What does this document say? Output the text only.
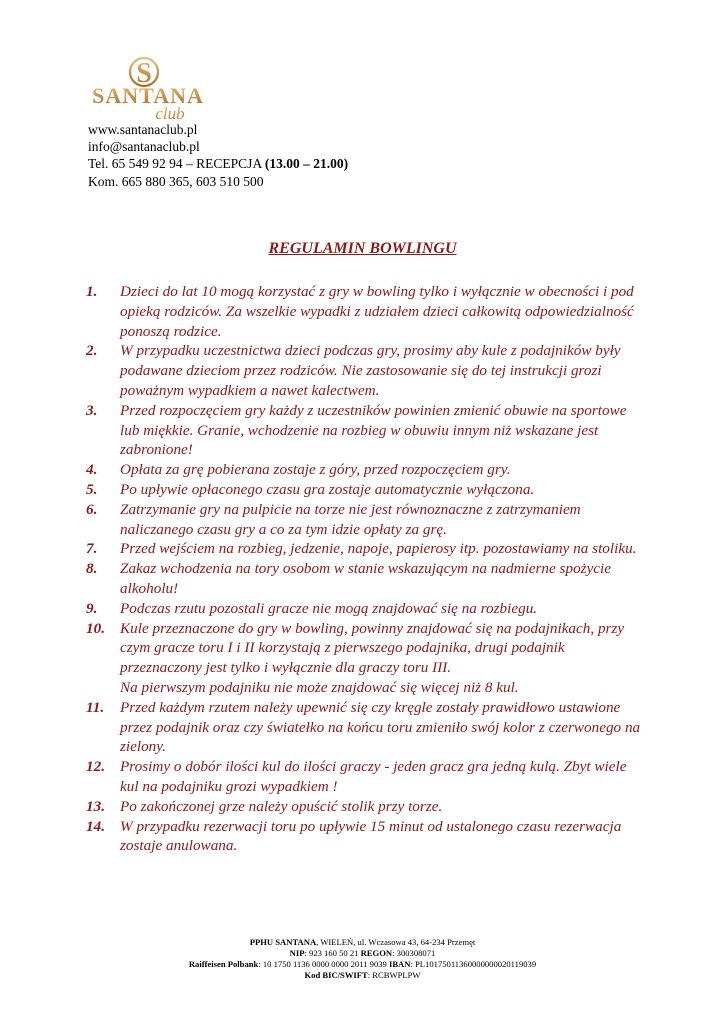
S
SANTANA
club
www.santanaclub.pl
info@santanaclub.pl
Tel. 65 549 92 94 – RECEPCJA (13.00 – 21.00)
Kom. 665 880 365, 603 510 500
REGULAMIN BOWLINGU
1. Dzieci do lat 10 mogą korzystać z gry w bowling tylko i wyłącznie w obecności i pod opieką rodziców. Za wszelkie wypadki z udziałem dzieci całkowitą odpowiedzialność ponoszą rodzice.
2. W przypadku uczestnictwa dzieci podczas gry, prosimy aby kule z podajników były podawane dzieciom przez rodziców. Nie zastosowanie się do tej instrukcji grozi poważnym wypadkiem a nawet kalectwem.
3. Przed rozpoczęciem gry każdy z uczestników powinien zmienić obuwie na sportowe lub miękkie. Granie, wchodzenie na rozbieg w obuwiu innym niż wskazane jest zabronione!
4. Opłata za grę pobierana zostaje z góry, przed rozpoczęciem gry.
5. Po upływie opłaconego czasu gra zostaje automatycznie wyłączona.
6. Zatrzymanie gry na pulpicie na torze nie jest równoznaczne z zatrzymaniem naliczanego czasu gry a co za tym idzie opłaty za grę.
7. Przed wejściem na rozbieg, jedzenie, napoje, papierosy itp. pozostawiamy na stoliku.
8. Zakaz wchodzenia na tory osobom w stanie wskazującym na nadmierne spożycie alkoholu!
9. Podczas rzutu pozostali gracze nie mogą znajdować się na rozbiegu.
10. Kule przeznaczone do gry w bowling, powinny znajdować się na podajnikach, przy czym gracze toru I i II korzystają z pierwszego podajnika, drugi podajnik przeznaczony jest tylko i wyłącznie dla graczy toru III.
Na pierwszym podajniku nie może znajdować się więcej niż 8 kul.
11. Przed każdym rzutem należy upewnić się czy kręgle zostały prawidłowo ustawione przez podajnik oraz czy światełko na końcu toru zmieniło swój kolor z czerwonego na zielony.
12. Prosimy o dobór ilości kul do ilości graczy - jeden gracz gra jedną kulą. Zbyt wiele kul na podajniku grozi wypadkiem !
13. Po zakończonej grze należy opuścić stolik przy torze.
14. W przypadku rezerwacji toru po upływie 15 minut od ustalonego czasu rezerwacja zostaje anulowana.
PPHU SANTANA, WIELEŃ, ul. Wczasowa 43, 64-234 Przemęt
NIP: 923 160 50 21 REGON: 300308071
Raiffeisen Polbank: 10 1750 1136 0000 0000 2011 9039 IBAN: PL10175011360000000020119039
Kod BIC/SWIFT: RCBWPLPW
